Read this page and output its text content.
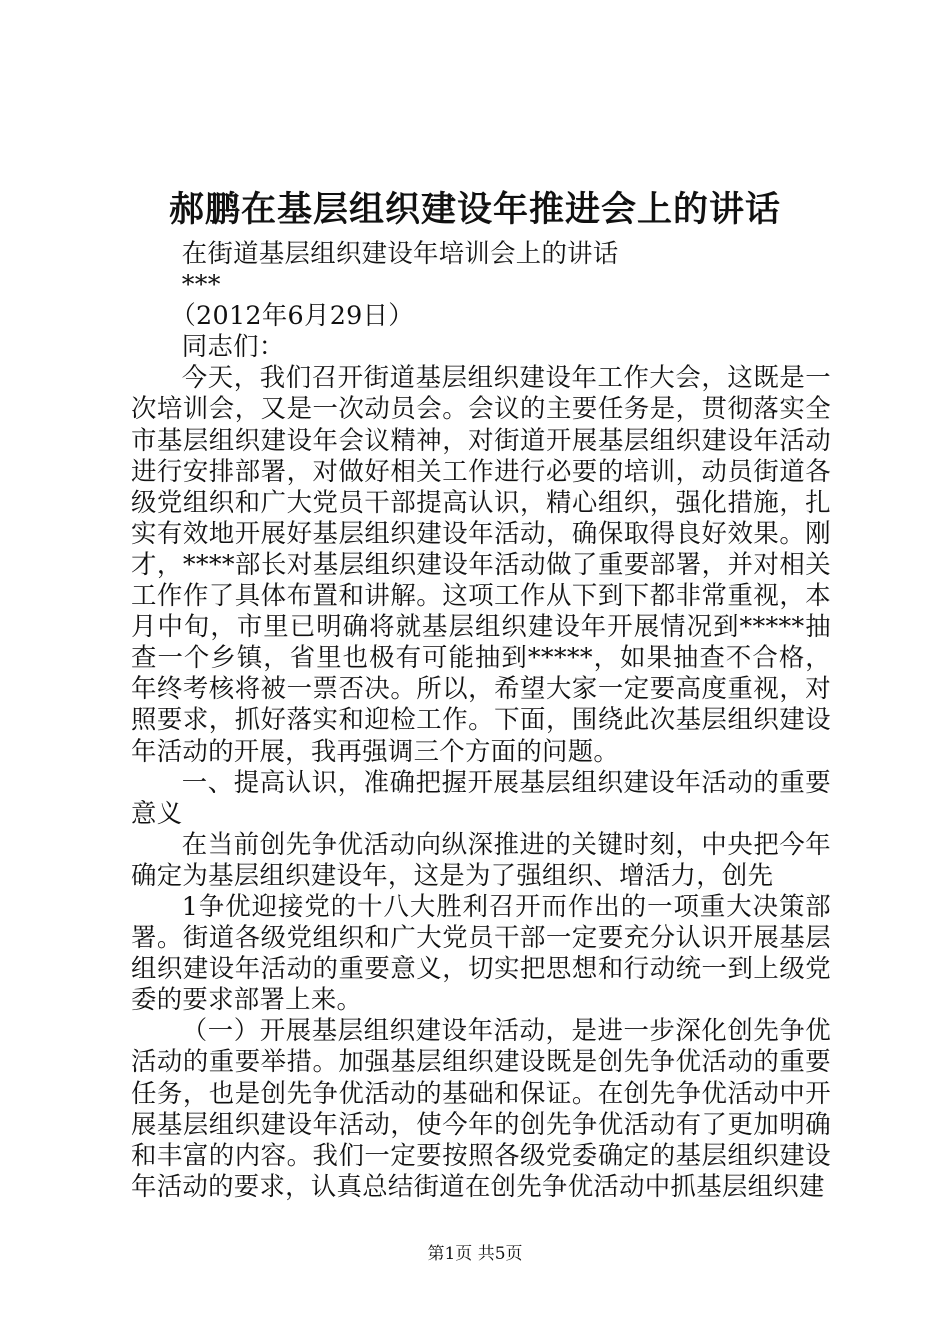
郝鹏在基层组织建设年推进会上的讲话

在街道基层组织建设年培训会上的讲话

***

（2012年6月29日）

同志们：

今天，我们召开街道基层组织建设年工作大会，这既是一次培训会，又是一次动员会。会议的主要任务是，贯彻落实全市基层组织建设年会议精神，对街道开展基层组织建设年活动进行安排部署，对做好相关工作进行必要的培训，动员街道各级党组织和广大党员干部提高认识，精心组织，强化措施，扎实有效地开展好基层组织建设年活动，确保取得良好效果。刚才，****部长对基层组织建设年活动做了重要部署，并对相关工作作了具体布置和讲解。这项工作从下到下都非常重视，本月中旬，市里已明确将就基层组织建设年开展情况到*****抽查一个乡镇，省里也极有可能抽到*****，如果抽查不合格，年终考核将被一票否决。所以，希望大家一定要高度重视，对照要求，抓好落实和迎检工作。下面，围绕此次基层组织建设年活动的开展，我再强调三个方面的问题。

一、提高认识，准确把握开展基层组织建设年活动的重要意义

在当前创先争优活动向纵深推进的关键时刻，中央把今年确定为基层组织建设年，这是为了强组织、增活力，创先

1争优迎接党的十八大胜利召开而作出的一项重大决策部署。街道各级党组织和广大党员干部一定要充分认识开展基层组织建设年活动的重要意义，切实把思想和行动统一到上级党委的要求部署上来。

（一）开展基层组织建设年活动，是进一步深化创先争优活动的重要举措。加强基层组织建设既是创先争优活动的重要任务，也是创先争优活动的基础和保证。在创先争优活动中开展基层组织建设年活动，使今年的创先争优活动有了更加明确和丰富的内容。我们一定要按照各级党委确定的基层组织建设年活动的要求，认真总结街道在创先争优活动中抓基层组织建

第1页 共5页
